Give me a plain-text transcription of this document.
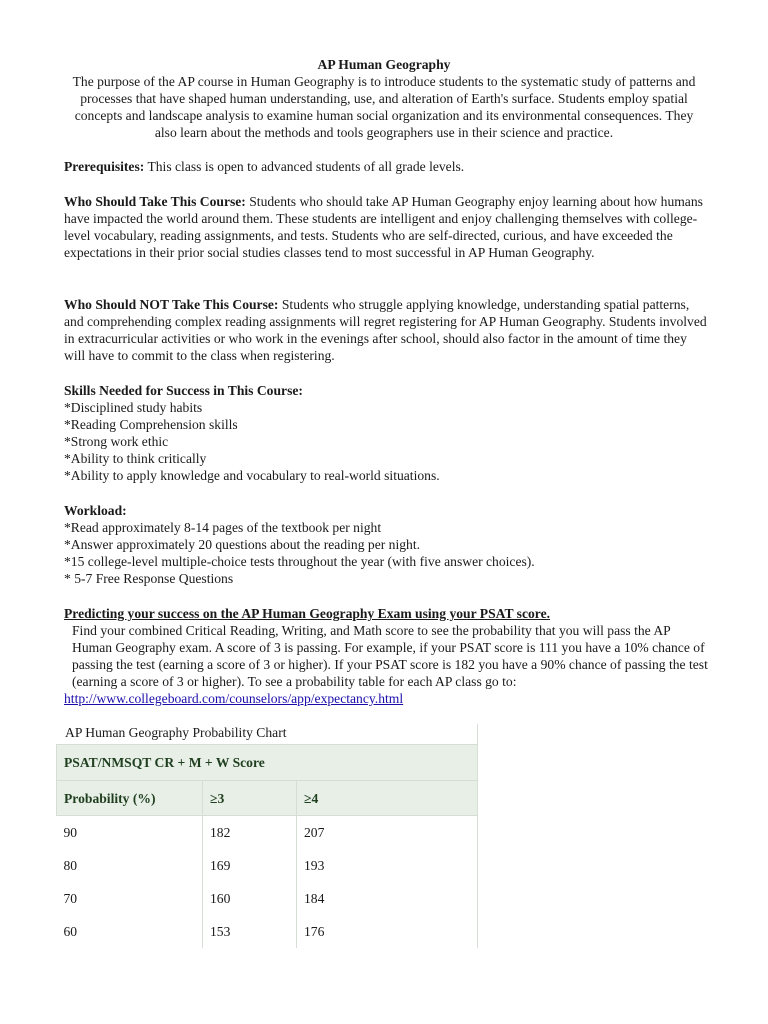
AP Human Geography
The purpose of the AP course in Human Geography is to introduce students to the systematic study of patterns and processes that have shaped human understanding, use, and alteration of Earth's surface. Students employ spatial concepts and landscape analysis to examine human social organization and its environmental consequences. They also learn about the methods and tools geographers use in their science and practice.

Prerequisites: This class is open to advanced students of all grade levels.

Who Should Take This Course: Students who should take AP Human Geography enjoy learning about how humans have impacted the world around them. These students are intelligent and enjoy challenging themselves with college-level vocabulary, reading assignments, and tests. Students who are self-directed, curious, and have exceeded the expectations in their prior social studies classes tend to most successful in AP Human Geography.

Who Should NOT Take This Course: Students who struggle applying knowledge, understanding spatial patterns, and comprehending complex reading assignments will regret registering for AP Human Geography. Students involved in extracurricular activities or who work in the evenings after school, should also factor in the amount of time they will have to commit to the class when registering.

Skills Needed for Success in This Course:

*Disciplined study habits

*Reading Comprehension skills

*Strong work ethic

*Ability to think critically

*Ability to apply knowledge and vocabulary to real-world situations.

Workload:

*Read approximately 8-14 pages of the textbook per night

*Answer approximately 20 questions about the reading per night.

*15 college-level multiple-choice tests throughout the year (with five answer choices).

* 5-7 Free Response Questions

Predicting your success on the AP Human Geography Exam using your PSAT score.

Find your combined Critical Reading, Writing, and Math score to see the probability that you will pass the AP Human Geography exam. A score of 3 is passing. For example, if your PSAT score is 111 you have a 10% chance of passing the test (earning a score of 3 or higher). If your PSAT score is 182 you have a 90% chance of passing the test (earning a score of 3 or higher). To see a probability table for each AP class go to:

http://www.collegeboard.com/counselors/app/expectancy.html

AP Human Geography Probability Chart
PSAT/NMSQT CR + M + W Score		
Probability (%)	≥3	≥4
90	182	207
80	169	193
70	160	184
60	153	176
